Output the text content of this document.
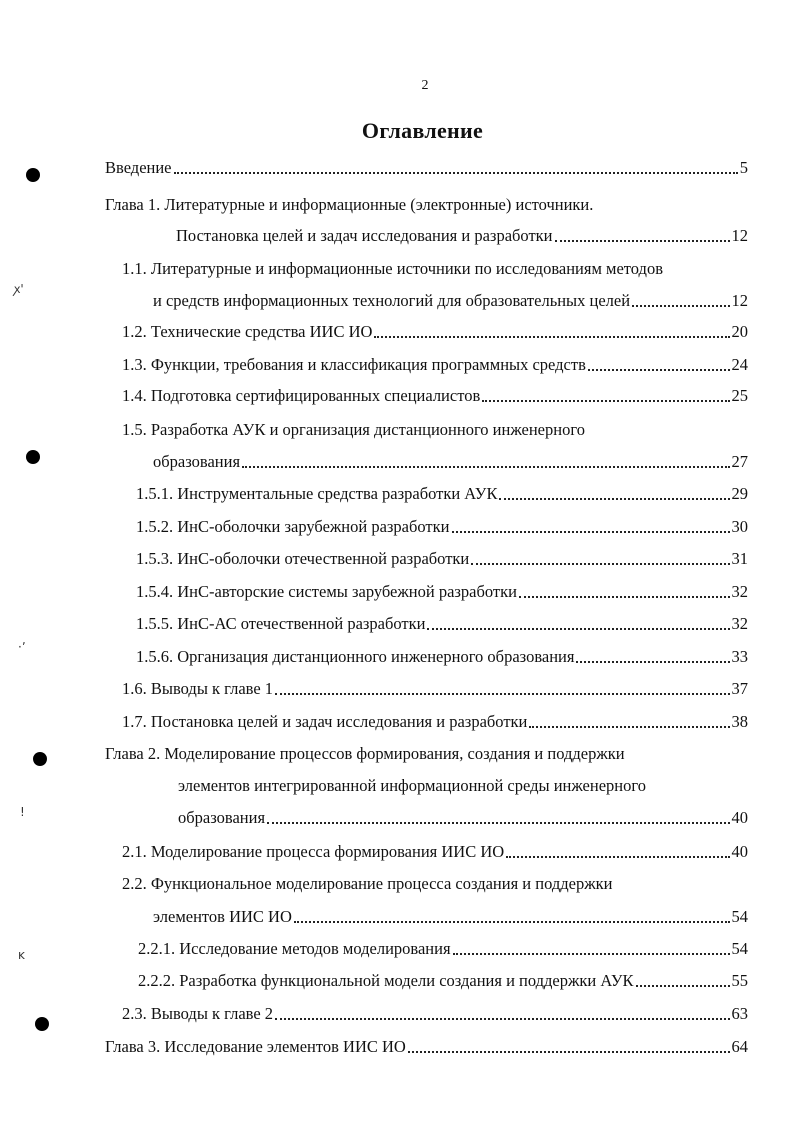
ꭗ'
·ʼ
!
ĸ
2
Оглавление
Введение	5
Глава 1. Литературные и информационные (электронные) источники.
Постановка целей и задач исследования и разработки	12
1.1. Литературные и информационные источники по исследованиям методов
и средств информационных технологий для образовательных целей	12
1.2. Технические средства ИИС ИО	20
1.3. Функции, требования и классификация программных средств	24
1.4. Подготовка сертифицированных специалистов	25
1.5. Разработка АУК и организация дистанционного инженерного
образования	27
1.5.1. Инструментальные средства разработки АУК	29
1.5.2. ИнС-оболочки зарубежной разработки	30
1.5.3. ИнС-оболочки отечественной разработки	31
1.5.4. ИнС-авторские системы зарубежной разработки	32
1.5.5. ИнС-АС отечественной разработки	32
1.5.6. Организация дистанционного инженерного образования	33
1.6. Выводы к главе 1	37
1.7. Постановка целей и задач исследования и разработки	38
Глава 2. Моделирование процессов формирования, создания и поддержки
элементов интегрированной информационной среды инженерного
образования	40
2.1. Моделирование процесса формирования ИИС ИО	40
2.2. Функциональное моделирование процесса создания и поддержки
элементов ИИС ИО	54
2.2.1. Исследование методов моделирования	54
2.2.2. Разработка функциональной модели создания и поддержки АУК	55
2.3. Выводы к главе 2	63
Глава 3. Исследование элементов ИИС ИО	64
